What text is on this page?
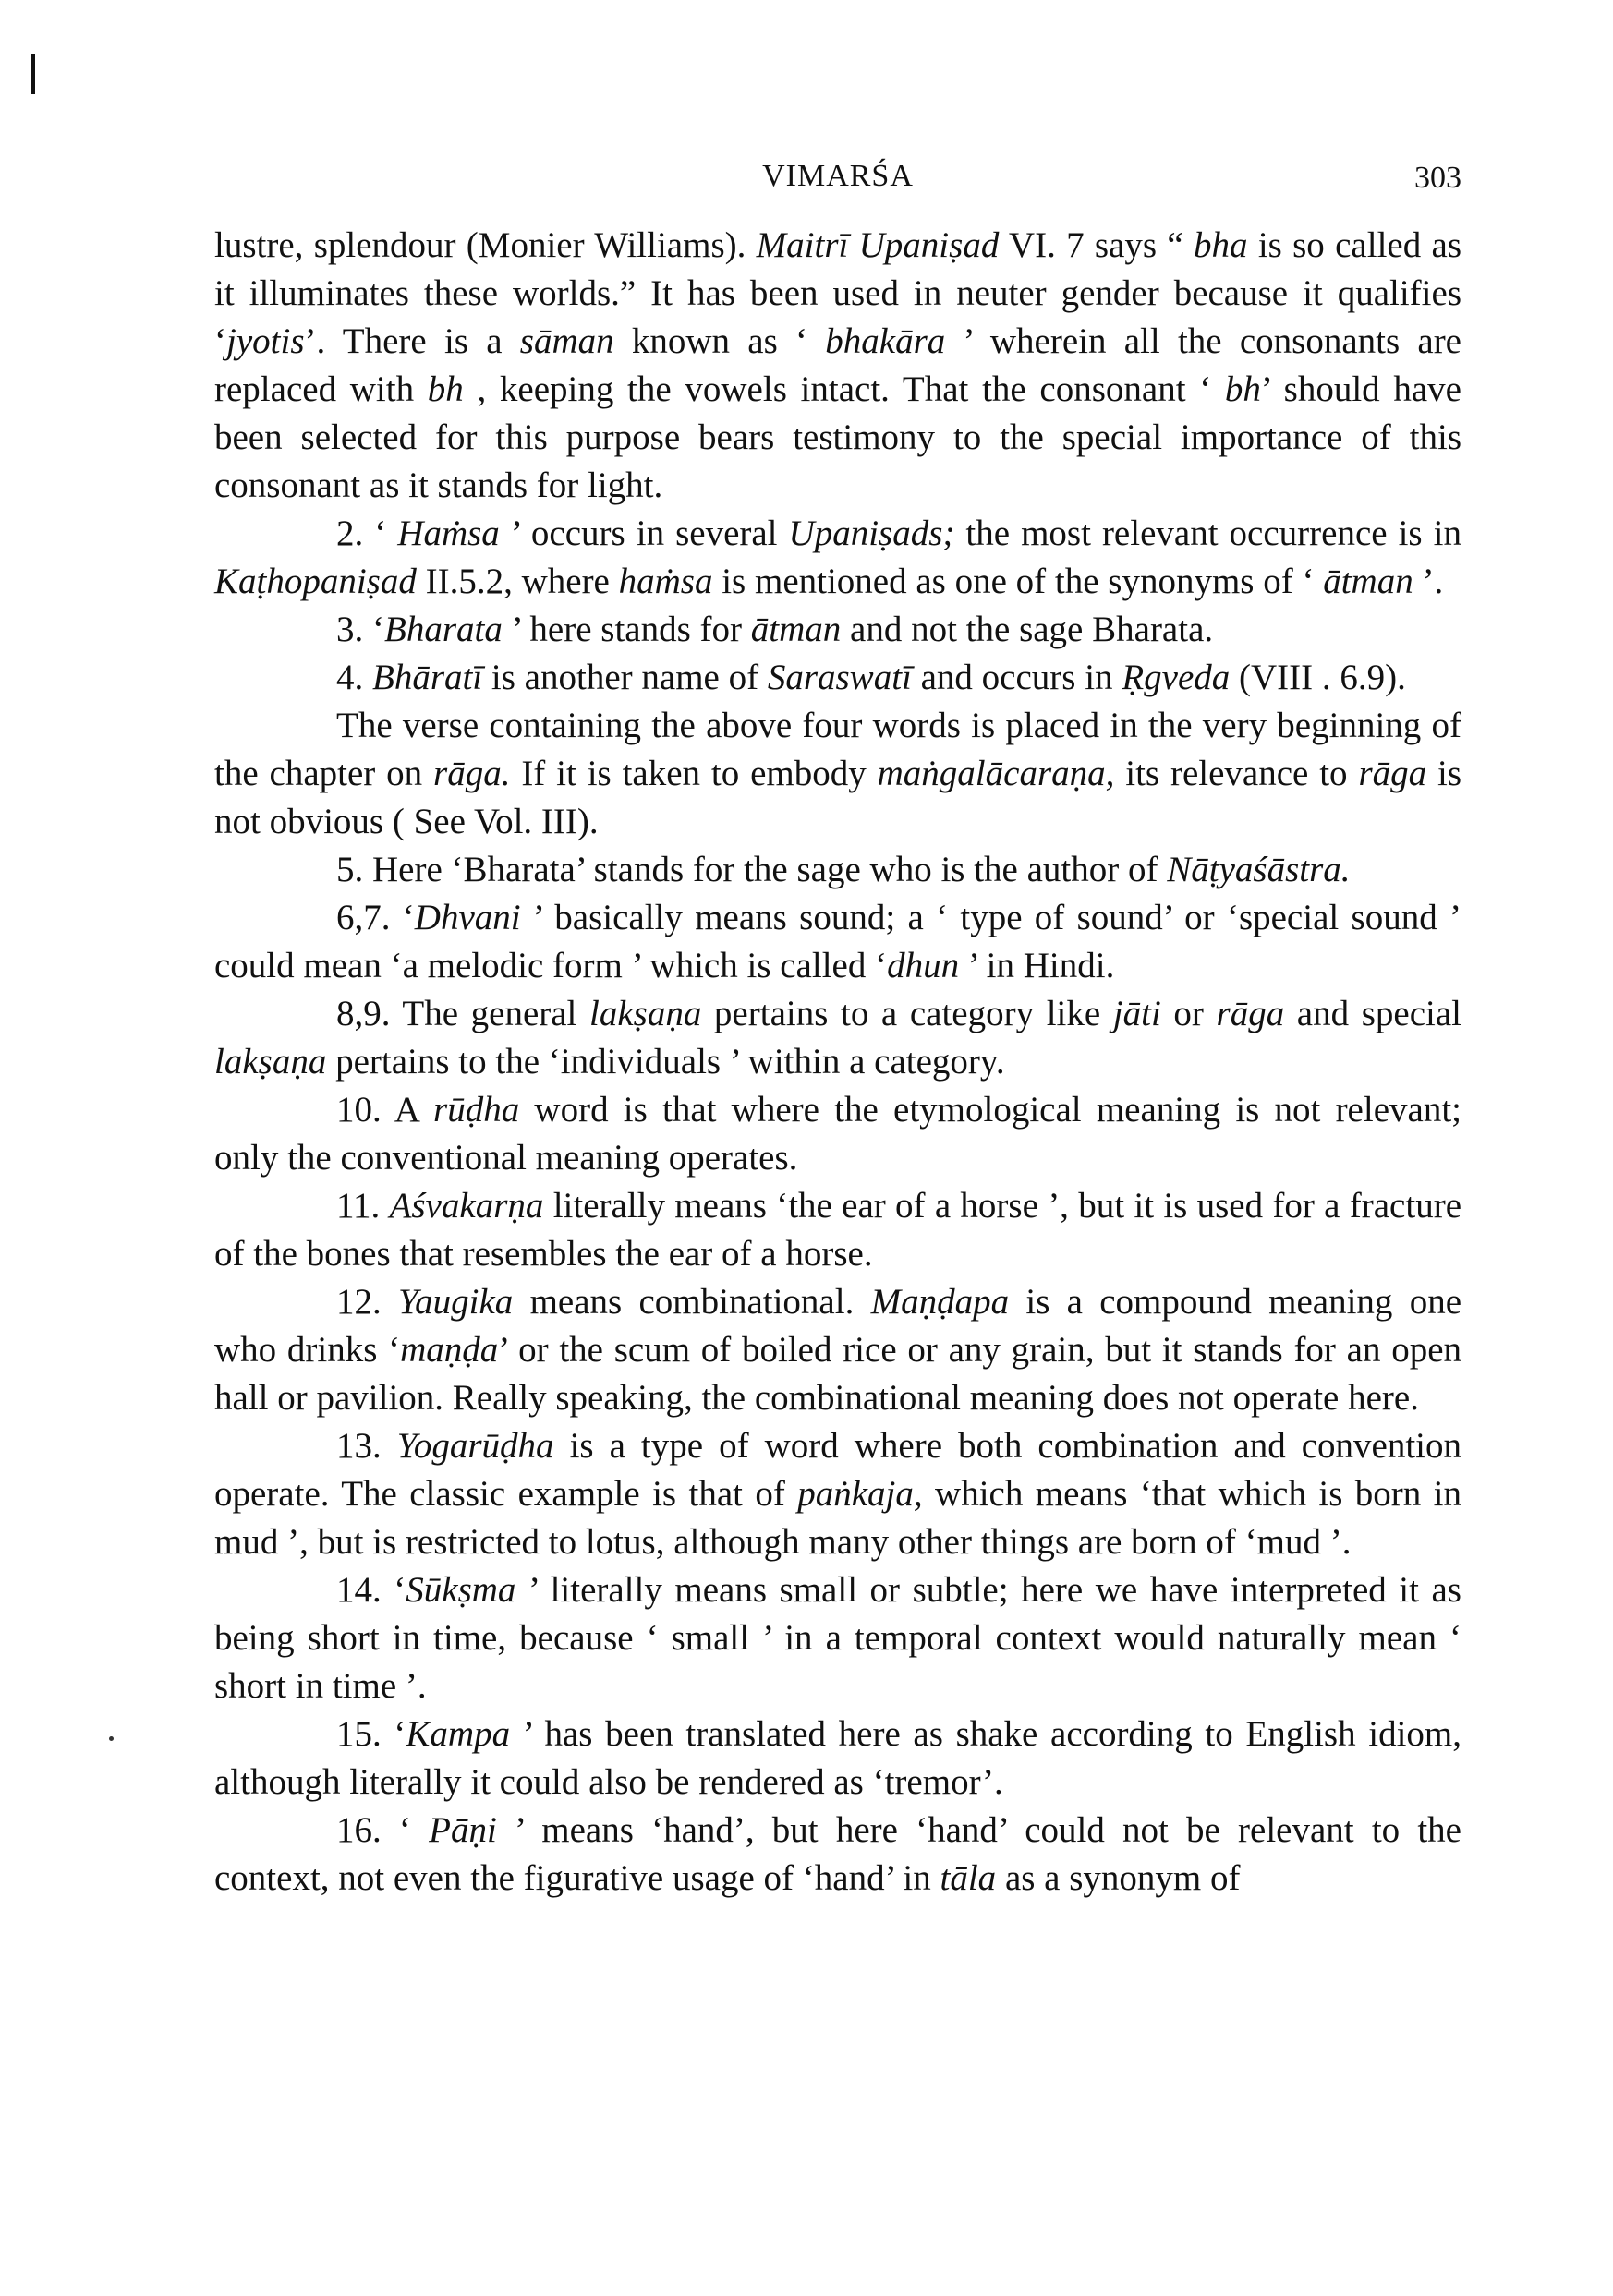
VIMARŚA	303

lustre, splendour (Monier Williams). Maitrī Upaniṣad VI. 7 says “ bha is so called as it illuminates these worlds.” It has been used in neuter gender because it qualifies ‘jyotis’. There is a sāman known as ‘ bhakāra ’ wherein all the consonants are replaced with bh , keeping the vowels intact. That the consonant ‘ bh’ should have been selected for this purpose bears testimony to the special importance of this consonant as it stands for light.

2. ‘ Haṁsa ’ occurs in several Upaniṣads; the most relevant occurrence is in Kaṭhopaniṣad II.5.2, where haṁsa is mentioned as one of the synonyms of ‘ ātman ’.

3. ‘Bharata ’ here stands for ātman and not the sage Bharata.

4. Bhāratī is another name of Saraswatī and occurs in Ṛgveda (VIII . 6.9).

The verse containing the above four words is placed in the very beginning of the chapter on rāga. If it is taken to embody maṅgalācaraṇa, its relevance to rāga is not obvious ( See Vol. III).

5. Here ‘Bharata’ stands for the sage who is the author of Nāṭyaśāstra.

6,7. ‘Dhvani ’ basically means sound; a ‘ type of sound’ or ‘special sound ’ could mean ‘a melodic form ’ which is called ‘dhun ’ in Hindi.

8,9. The general lakṣaṇa pertains to a category like jāti or rāga and special lakṣaṇa pertains to the ‘individuals ’ within a category.

10. A rūḍha word is that where the etymological meaning is not relevant; only the conventional meaning operates.

11. Aśvakarṇa literally means ‘the ear of a horse ’, but it is used for a fracture of the bones that resembles the ear of a horse.

12. Yaugika means combinational. Maṇḍapa is a compound meaning one who drinks ‘maṇḍa’ or the scum of boiled rice or any grain, but it stands for an open hall or pavilion. Really speaking, the combinational meaning does not operate here.

13. Yogarūḍha is a type of word where both combination and convention operate. The classic example is that of paṅkaja, which means ‘that which is born in mud ’, but is restricted to lotus, although many other things are born of ‘mud ’.

14. ‘Sūkṣma ’ literally means small or subtle; here we have interpreted it as being short in time, because ‘ small ’ in a temporal context would naturally mean ‘ short in time ’.

15. ‘Kampa ’ has been translated here as shake according to English idiom, although literally it could also be rendered as ‘tremor’.

16. ‘ Pāṇi ’ means ‘hand’, but here ‘hand’ could not be relevant to the context, not even the figurative usage of ‘hand’ in tāla as a synonym of
